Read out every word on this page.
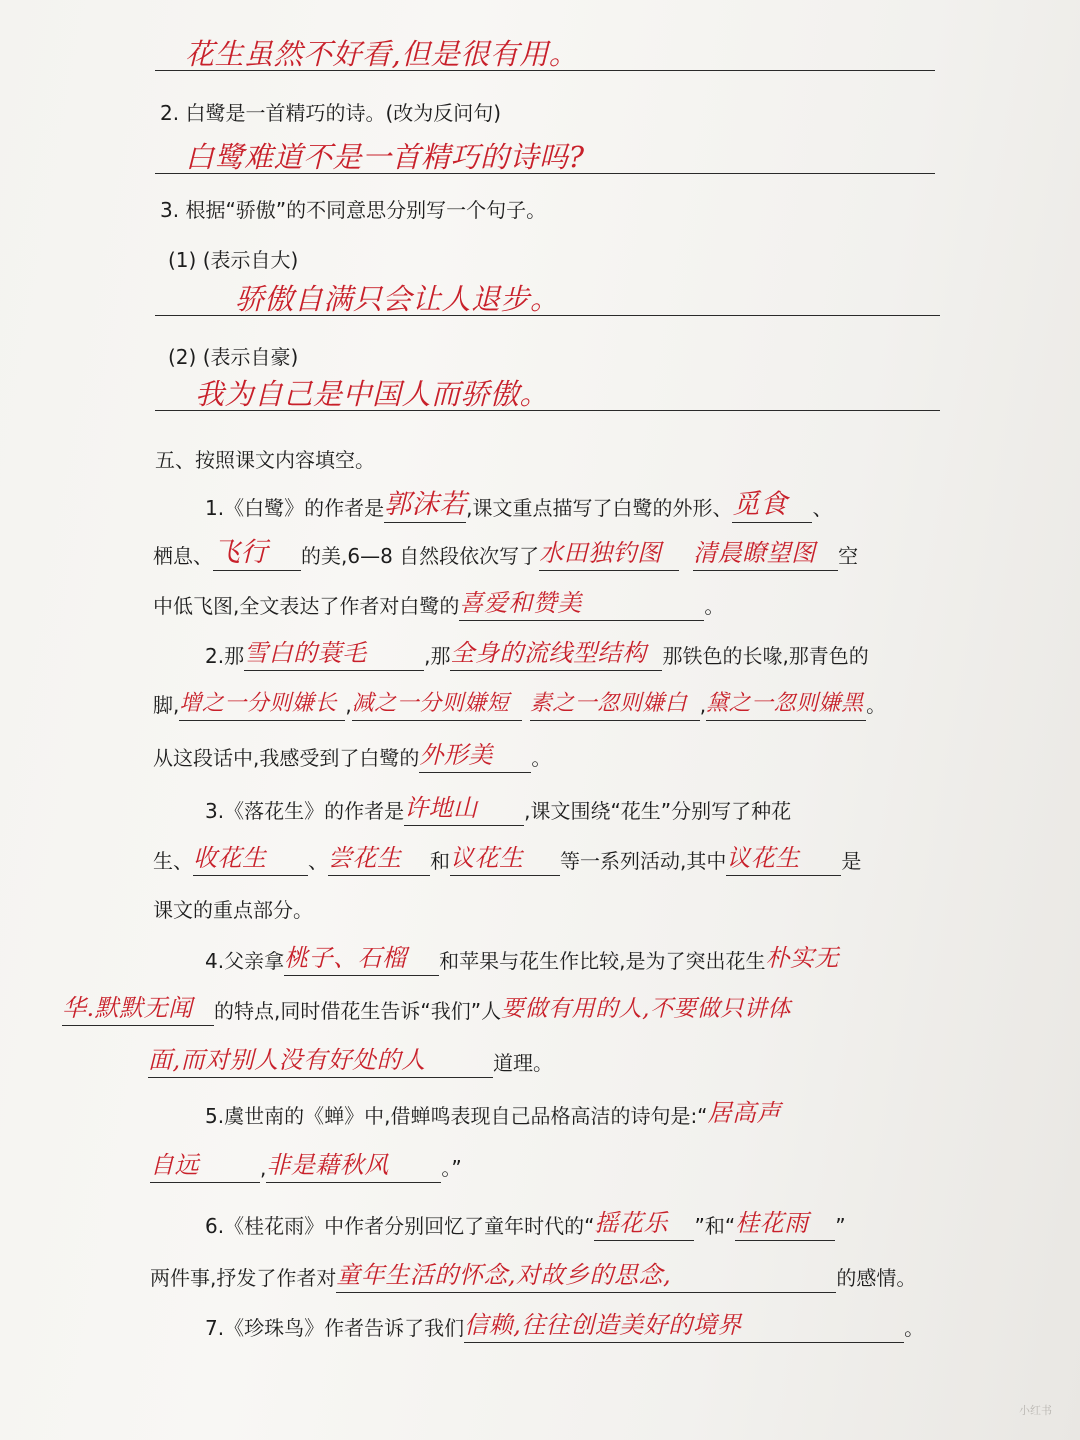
花生虽然不好看,但是很有用。
2. 白鹭是一首精巧的诗。(改为反问句)
白鹭难道不是一首精巧的诗吗?
3. 根据“骄傲”的不同意思分别写一个句子。
(1) (表示自大)
骄傲自满只会让人退步。
(2) (表示自豪)
我为自己是中国人而骄傲。
五、按照课文内容填空。
1.《白鹭》的作者是郭沫若,课文重点描写了白鹭的外形、觅食 、
栖息、飞行 的美,6—8 自然段依次写了水田独钓图 清晨瞭望图 空
中低飞图,全文表达了作者对白鹭的喜爱和赞美	。
2.那雪白的蓑毛	,那全身的流线型结构 那铁色的长喙,那青色的
脚,增之一分则嫌长 ,减之一分则嫌短 素之一忽则嫌白 ,黛之一忽则嫌黑 。
从这段话中,我感受到了白鹭的外形美 。
3.《落花生》的作者是许地山 ,课文围绕“花生”分别写了种花
生、收花生 、尝花生 和议花生 等一系列活动,其中议花生 是
课文的重点部分。
4.父亲拿桃子、石榴 和苹果与花生作比较,是为了突出花生朴实无
华.默默无闻 的特点,同时借花生告诉“我们”人要做有用的人,不要做只讲体
面,而对别人没有好处的人	道理。
5.虞世南的《蝉》中,借蝉鸣表现自己品格高洁的诗句是:“居高声
自远	,非是藉秋风	。”
6.《桂花雨》中作者分别回忆了童年时代的“摇花乐 ”和“桂花雨 ”
两件事,抒发了作者对童年生活的怀念,对故乡的思念,	的感情。
7.《珍珠鸟》作者告诉了我们信赖,往往创造美好的境界	。
小红书
